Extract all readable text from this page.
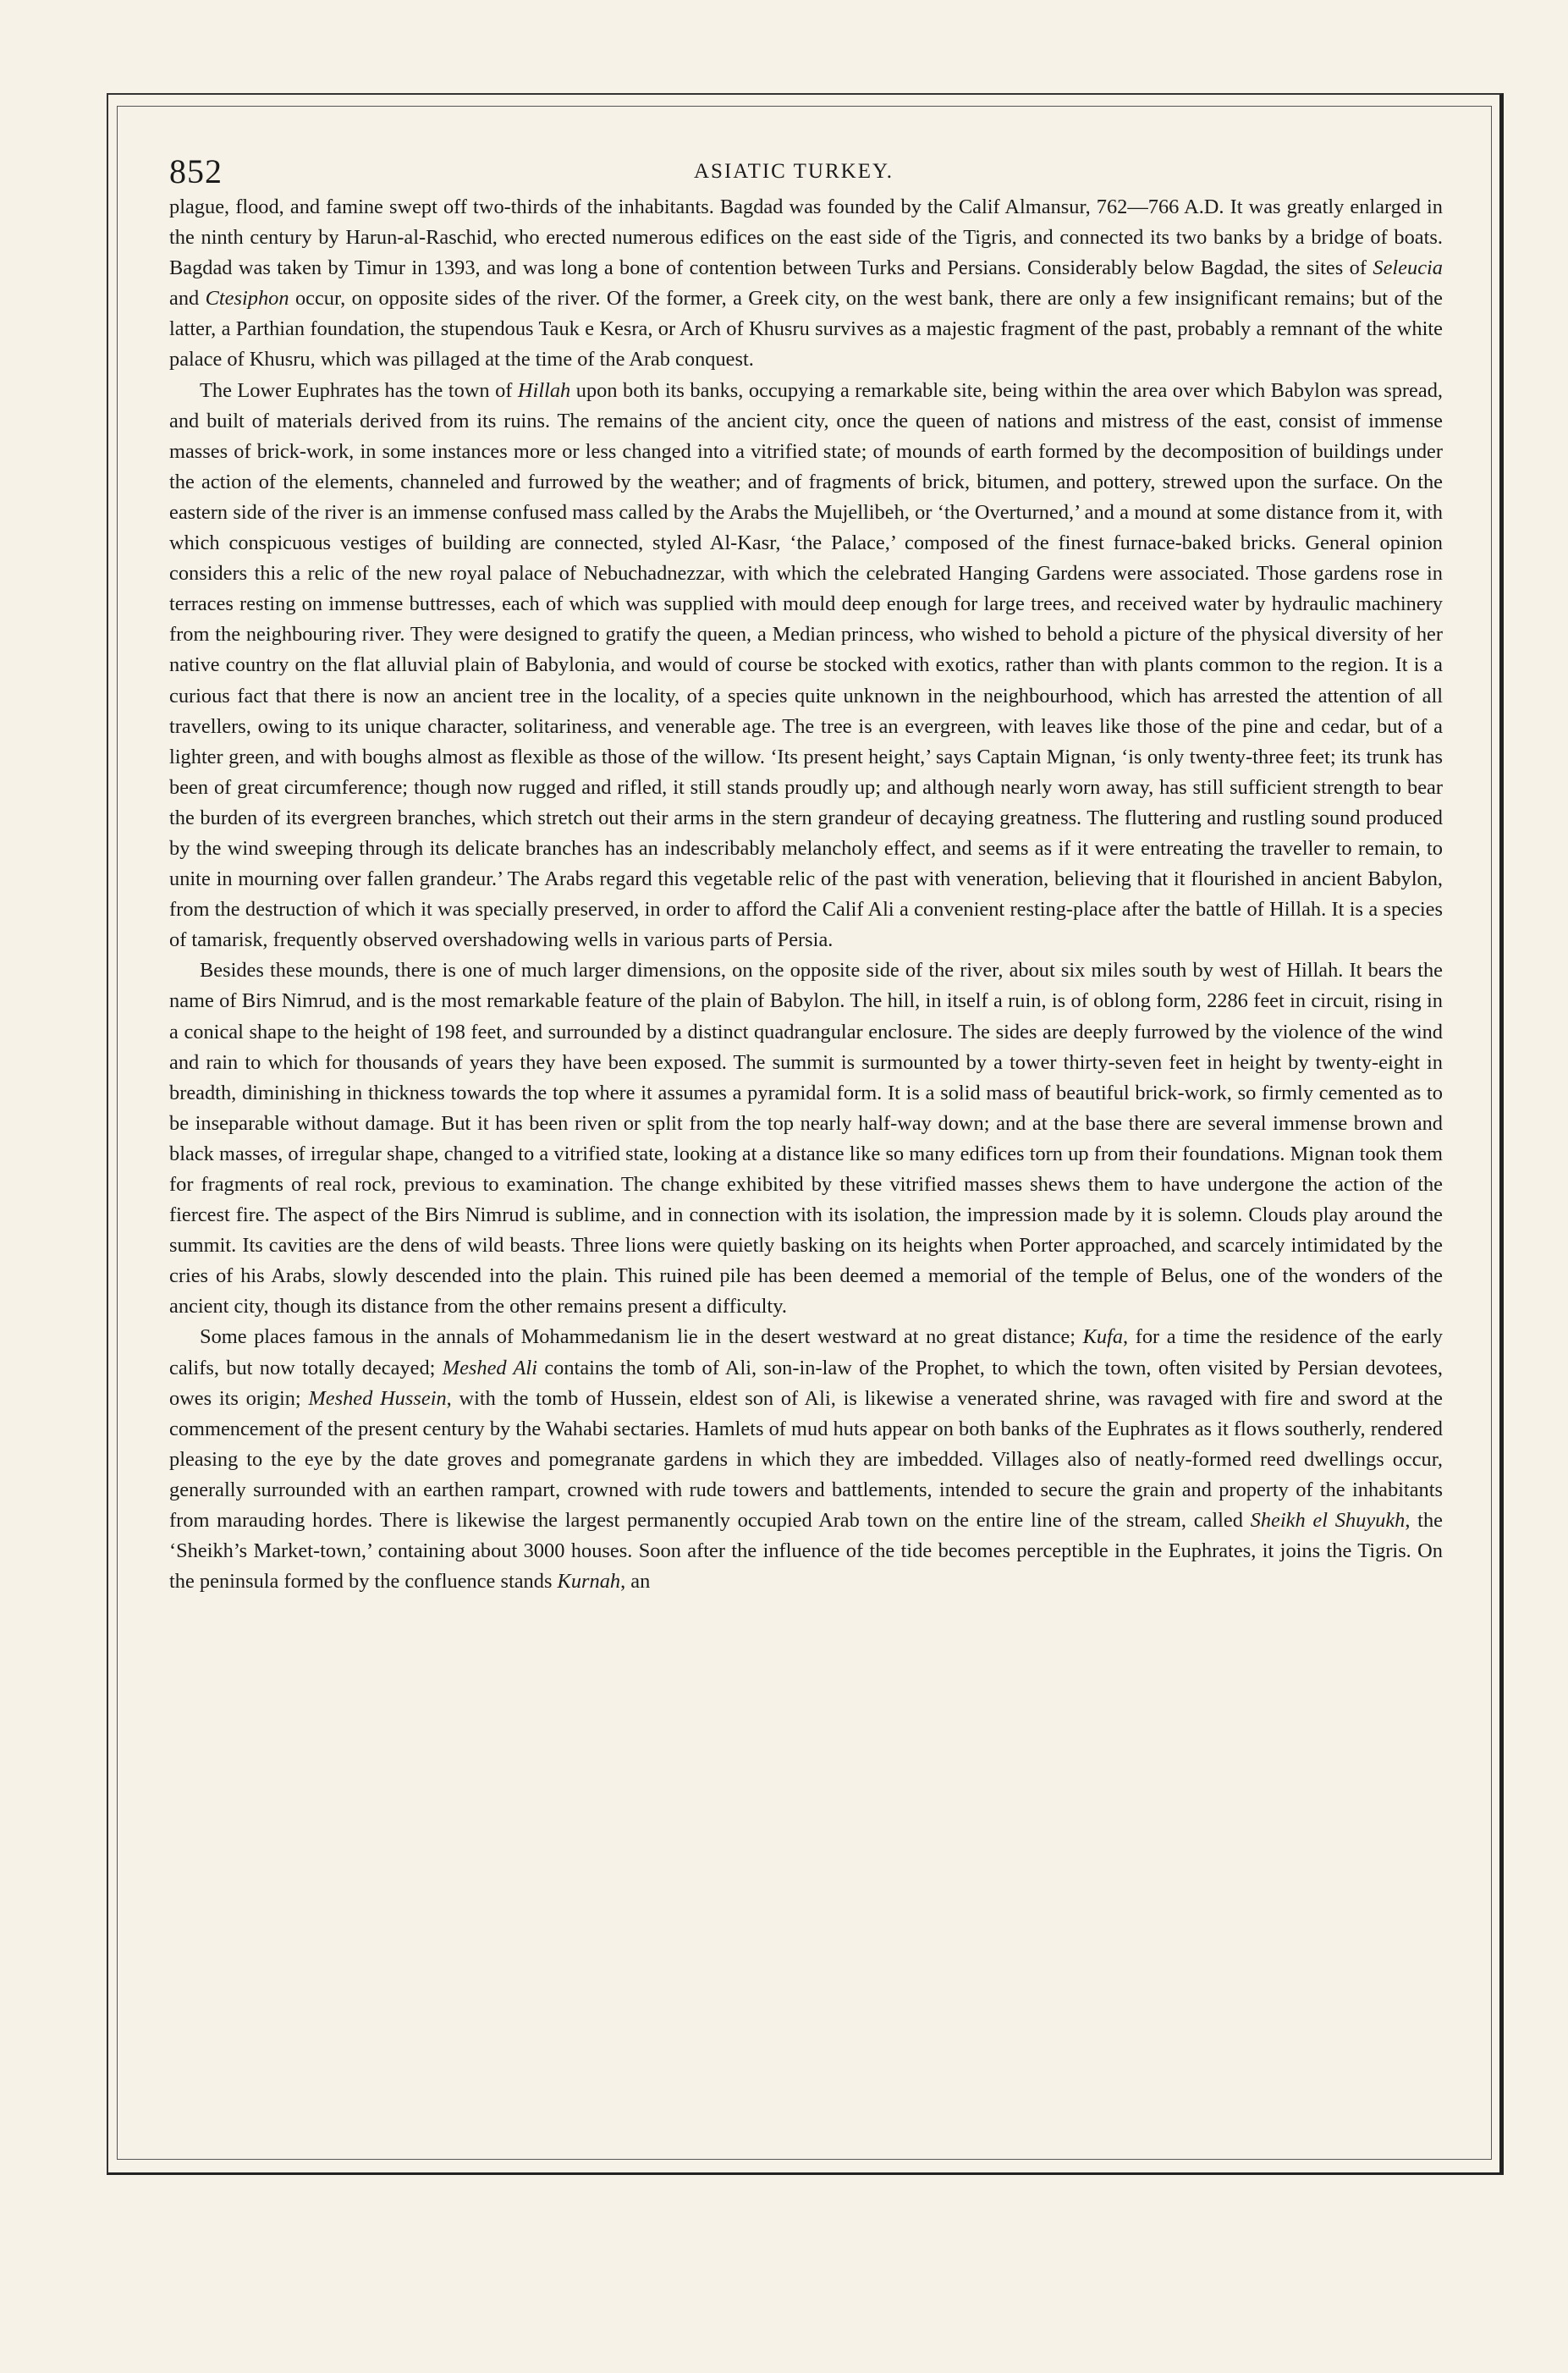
852	ASIATIC TURKEY.

plague, flood, and famine swept off two-thirds of the inhabitants. Bagdad was founded by the Calif Almansur, 762—766 A.D. It was greatly enlarged in the ninth century by Harun-al-Raschid, who erected numerous edifices on the east side of the Tigris, and connected its two banks by a bridge of boats. Bagdad was taken by Timur in 1393, and was long a bone of contention between Turks and Persians. Considerably below Bagdad, the sites of Seleucia and Ctesiphon occur, on opposite sides of the river. Of the former, a Greek city, on the west bank, there are only a few insignificant remains; but of the latter, a Parthian foundation, the stupendous Tauk e Kesra, or Arch of Khusru survives as a majestic fragment of the past, probably a remnant of the white palace of Khusru, which was pillaged at the time of the Arab conquest.

The Lower Euphrates has the town of Hillah upon both its banks, occupying a remarkable site, being within the area over which Babylon was spread, and built of materials derived from its ruins. The remains of the ancient city, once the queen of nations and mistress of the east, consist of immense masses of brick-work, in some instances more or less changed into a vitrified state; of mounds of earth formed by the decomposition of buildings under the action of the elements, channeled and furrowed by the weather; and of fragments of brick, bitumen, and pottery, strewed upon the surface. On the eastern side of the river is an immense confused mass called by the Arabs the Mujellibeh, or ‘the Overturned,’ and a mound at some distance from it, with which conspicuous vestiges of building are connected, styled Al-Kasr, ‘the Palace,’ composed of the finest furnace-baked bricks. General opinion considers this a relic of the new royal palace of Nebuchadnezzar, with which the celebrated Hanging Gardens were associated. Those gardens rose in terraces resting on immense buttresses, each of which was supplied with mould deep enough for large trees, and received water by hydraulic machinery from the neighbouring river. They were designed to gratify the queen, a Median princess, who wished to behold a picture of the physical diversity of her native country on the flat alluvial plain of Babylonia, and would of course be stocked with exotics, rather than with plants common to the region. It is a curious fact that there is now an ancient tree in the locality, of a species quite unknown in the neighbourhood, which has arrested the attention of all travellers, owing to its unique character, solitariness, and venerable age. The tree is an evergreen, with leaves like those of the pine and cedar, but of a lighter green, and with boughs almost as flexible as those of the willow. ‘Its present height,’ says Captain Mignan, ‘is only twenty-three feet; its trunk has been of great circumference; though now rugged and rifled, it still stands proudly up; and although nearly worn away, has still sufficient strength to bear the burden of its evergreen branches, which stretch out their arms in the stern grandeur of decaying greatness. The fluttering and rustling sound produced by the wind sweeping through its delicate branches has an indescribably melancholy effect, and seems as if it were entreating the traveller to remain, to unite in mourning over fallen grandeur.’ The Arabs regard this vegetable relic of the past with veneration, believing that it flourished in ancient Babylon, from the destruction of which it was specially preserved, in order to afford the Calif Ali a convenient resting-place after the battle of Hillah. It is a species of tamarisk, frequently observed overshadowing wells in various parts of Persia.

Besides these mounds, there is one of much larger dimensions, on the opposite side of the river, about six miles south by west of Hillah. It bears the name of Birs Nimrud, and is the most remarkable feature of the plain of Babylon. The hill, in itself a ruin, is of oblong form, 2286 feet in circuit, rising in a conical shape to the height of 198 feet, and surrounded by a distinct quadrangular enclosure. The sides are deeply furrowed by the violence of the wind and rain to which for thousands of years they have been exposed. The summit is surmounted by a tower thirty-seven feet in height by twenty-eight in breadth, diminishing in thickness towards the top where it assumes a pyramidal form. It is a solid mass of beautiful brick-work, so firmly cemented as to be inseparable without damage. But it has been riven or split from the top nearly half-way down; and at the base there are several immense brown and black masses, of irregular shape, changed to a vitrified state, looking at a distance like so many edifices torn up from their foundations. Mignan took them for fragments of real rock, previous to examination. The change exhibited by these vitrified masses shews them to have undergone the action of the fiercest fire. The aspect of the Birs Nimrud is sublime, and in connection with its isolation, the impression made by it is solemn. Clouds play around the summit. Its cavities are the dens of wild beasts. Three lions were quietly basking on its heights when Porter approached, and scarcely intimidated by the cries of his Arabs, slowly descended into the plain. This ruined pile has been deemed a memorial of the temple of Belus, one of the wonders of the ancient city, though its distance from the other remains present a difficulty.

Some places famous in the annals of Mohammedanism lie in the desert westward at no great distance; Kufa, for a time the residence of the early califs, but now totally decayed; Meshed Ali contains the tomb of Ali, son-in-law of the Prophet, to which the town, often visited by Persian devotees, owes its origin; Meshed Hussein, with the tomb of Hussein, eldest son of Ali, is likewise a venerated shrine, was ravaged with fire and sword at the commencement of the present century by the Wahabi sectaries. Hamlets of mud huts appear on both banks of the Euphrates as it flows southerly, rendered pleasing to the eye by the date groves and pomegranate gardens in which they are imbedded. Villages also of neatly-formed reed dwellings occur, generally surrounded with an earthen rampart, crowned with rude towers and battlements, intended to secure the grain and property of the inhabitants from marauding hordes. There is likewise the largest permanently occupied Arab town on the entire line of the stream, called Sheikh el Shuyukh, the ‘Sheikh’s Market-town,’ containing about 3000 houses. Soon after the influence of the tide becomes perceptible in the Euphrates, it joins the Tigris. On the peninsula formed by the confluence stands Kurnah, an
